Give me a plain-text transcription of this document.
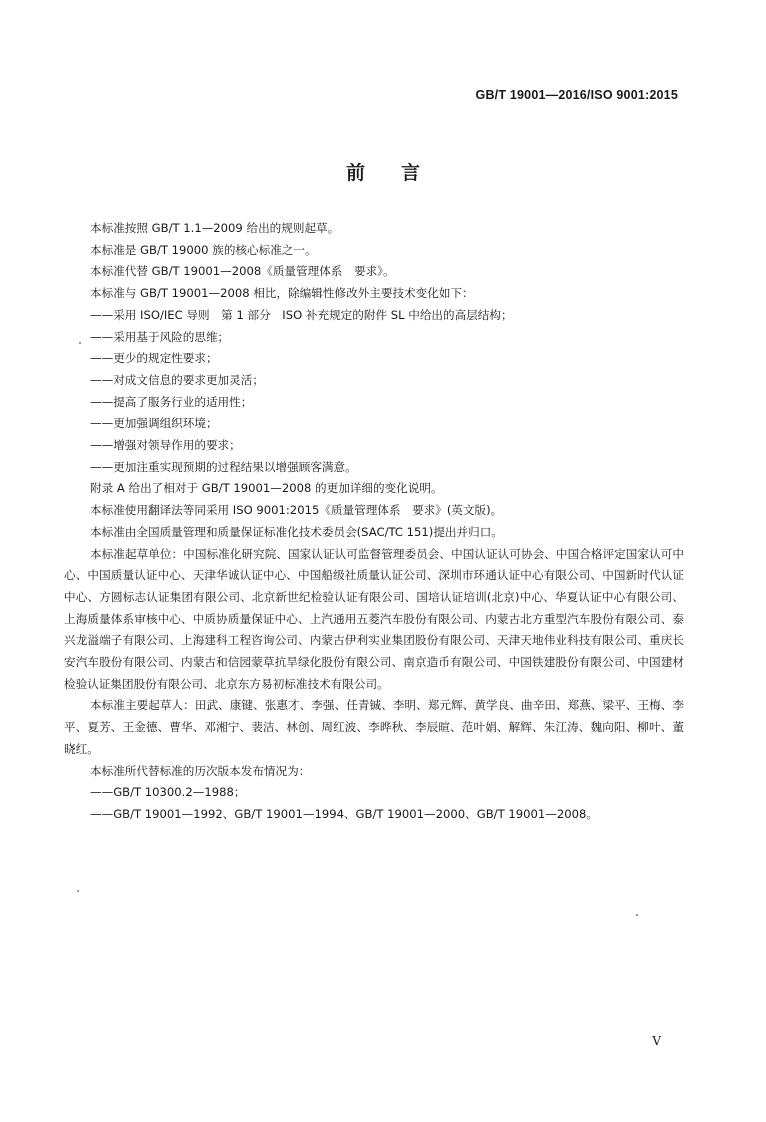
GB/T 19001—2016/ISO 9001:2015
前言

本标准按照 GB/T 1.1—2009 给出的规则起草。

本标准是 GB/T 19000 族的核心标准之一。

本标准代替 GB/T 19001—2008《质量管理体系　要求》。

本标准与 GB/T 19001—2008 相比，除编辑性修改外主要技术变化如下：

——采用 ISO/IEC 导则　第 1 部分　ISO 补充规定的附件 SL 中给出的高层结构；

——采用基于风险的思维；

——更少的规定性要求；

——对成文信息的要求更加灵活；

——提高了服务行业的适用性；

——更加强调组织环境；

——增强对领导作用的要求；

——更加注重实现预期的过程结果以增强顾客满意。

附录 A 给出了相对于 GB/T 19001—2008 的更加详细的变化说明。

本标准使用翻译法等同采用 ISO 9001:2015《质量管理体系　要求》(英文版)。

本标准由全国质量管理和质量保证标准化技术委员会(SAC/TC 151)提出并归口。

本标准起草单位：中国标准化研究院、国家认证认可监督管理委员会、中国认证认可协会、中国合格评定国家认可中心、中国质量认证中心、天津华诚认证中心、中国船级社质量认证公司、深圳市环通认证中心有限公司、中国新时代认证中心、方圆标志认证集团有限公司、北京新世纪检验认证有限公司、国培认证培训(北京)中心、华夏认证中心有限公司、上海质量体系审核中心、中质协质量保证中心、上汽通用五菱汽车股份有限公司、内蒙古北方重型汽车股份有限公司、泰兴龙溢端子有限公司、上海建科工程咨询公司、内蒙古伊利实业集团股份有限公司、天津天地伟业科技有限公司、重庆长安汽车股份有限公司、内蒙古和信园蒙草抗旱绿化股份有限公司、南京造币有限公司、中国铁建股份有限公司、中国建材检验认证集团股份有限公司、北京东方易初标准技术有限公司。

本标准主要起草人：田武、康键、张惠才、李强、任青铖、李明、郑元辉、黄学良、曲辛田、郑燕、梁平、王梅、李平、夏芳、王金德、曹华、邓湘宁、裴洁、林创、周红波、李晔秋、李辰暄、范叶娟、解辉、朱江涛、魏向阳、柳叶、董晓红。

本标准所代替标准的历次版本发布情况为：

——GB/T 10300.2—1988；

——GB/T 19001—1992、GB/T 19001—1994、GB/T 19001—2000、GB/T 19001—2008。

V
